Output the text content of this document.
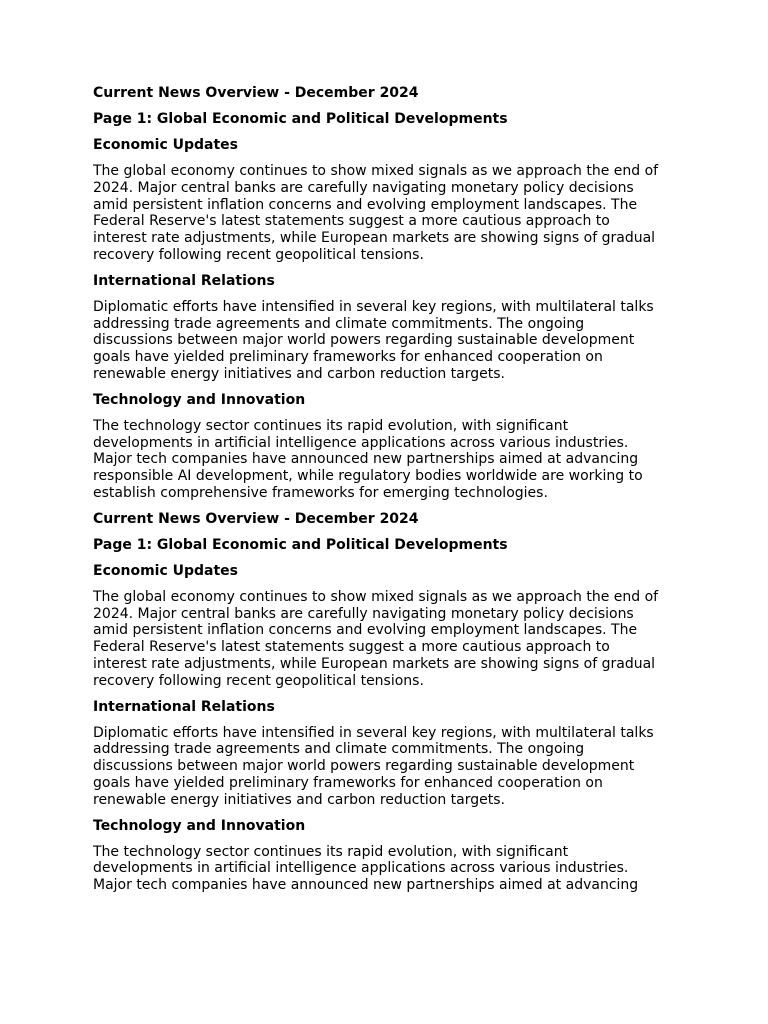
Current News Overview - December 2024
Page 1: Global Economic and Political Developments
Economic Updates
The global economy continues to show mixed signals as we approach the end of
2024. Major central banks are carefully navigating monetary policy decisions
amid persistent inflation concerns and evolving employment landscapes. The
Federal Reserve's latest statements suggest a more cautious approach to
interest rate adjustments, while European markets are showing signs of gradual
recovery following recent geopolitical tensions.
International Relations
Diplomatic efforts have intensified in several key regions, with multilateral talks
addressing trade agreements and climate commitments. The ongoing
discussions between major world powers regarding sustainable development
goals have yielded preliminary frameworks for enhanced cooperation on
renewable energy initiatives and carbon reduction targets.
Technology and Innovation
The technology sector continues its rapid evolution, with significant
developments in artificial intelligence applications across various industries.
Major tech companies have announced new partnerships aimed at advancing
responsible AI development, while regulatory bodies worldwide are working to
establish comprehensive frameworks for emerging technologies.
Current News Overview - December 2024
Page 1: Global Economic and Political Developments
Economic Updates
The global economy continues to show mixed signals as we approach the end of
2024. Major central banks are carefully navigating monetary policy decisions
amid persistent inflation concerns and evolving employment landscapes. The
Federal Reserve's latest statements suggest a more cautious approach to
interest rate adjustments, while European markets are showing signs of gradual
recovery following recent geopolitical tensions.
International Relations
Diplomatic efforts have intensified in several key regions, with multilateral talks
addressing trade agreements and climate commitments. The ongoing
discussions between major world powers regarding sustainable development
goals have yielded preliminary frameworks for enhanced cooperation on
renewable energy initiatives and carbon reduction targets.
Technology and Innovation
The technology sector continues its rapid evolution, with significant
developments in artificial intelligence applications across various industries.
Major tech companies have announced new partnerships aimed at advancing
